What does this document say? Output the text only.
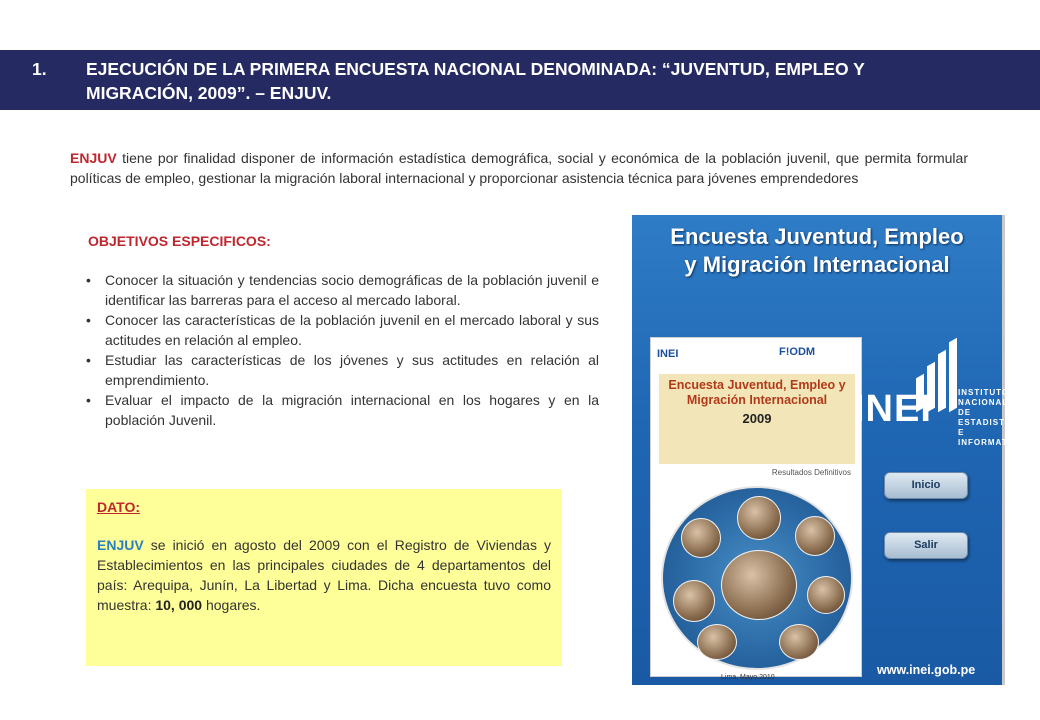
1. EJECUCIÓN DE LA PRIMERA ENCUESTA NACIONAL DENOMINADA: “JUVENTUD, EMPLEO Y
MIGRACIÓN, 2009”. – ENJUV.

ENJUV tiene por finalidad disponer de información estadística demográfica, social y económica de la población juvenil, que permita formular políticas de empleo, gestionar la migración laboral internacional y proporcionar asistencia técnica para jóvenes emprendedores

OBJETIVOS ESPECIFICOS:
• Conocer la situación y tendencias socio demográficas de la población juvenil e identificar las barreras para el acceso al mercado laboral.
• Conocer las características de la población juvenil en el mercado laboral y sus actitudes en relación al empleo.
• Estudiar las características de los jóvenes y sus actitudes en relación al emprendimiento.
• Evaluar el impacto de la migración internacional en los hogares y en la población Juvenil.
DATO:

ENJUV se inició en agosto del 2009 con el Registro de Viviendas y Establecimientos en las principales ciudades de 4 departamentos del país: Arequipa, Junín, La Libertad y Lima. Dicha encuesta tuvo como muestra: 10, 000 hogares.

Encuesta Juventud, Empleo
y Migración Internacional
INEI	F!ODM
Encuesta Juventud, Empleo y Migración Internacional
2009
Resultados Definitivos
Lima, Mayo 2010
INEI	INSTITUTO NACIONAL DE ESTADISTICA E INFORMATICA
Inicio
Salir
www.inei.gob.pe
